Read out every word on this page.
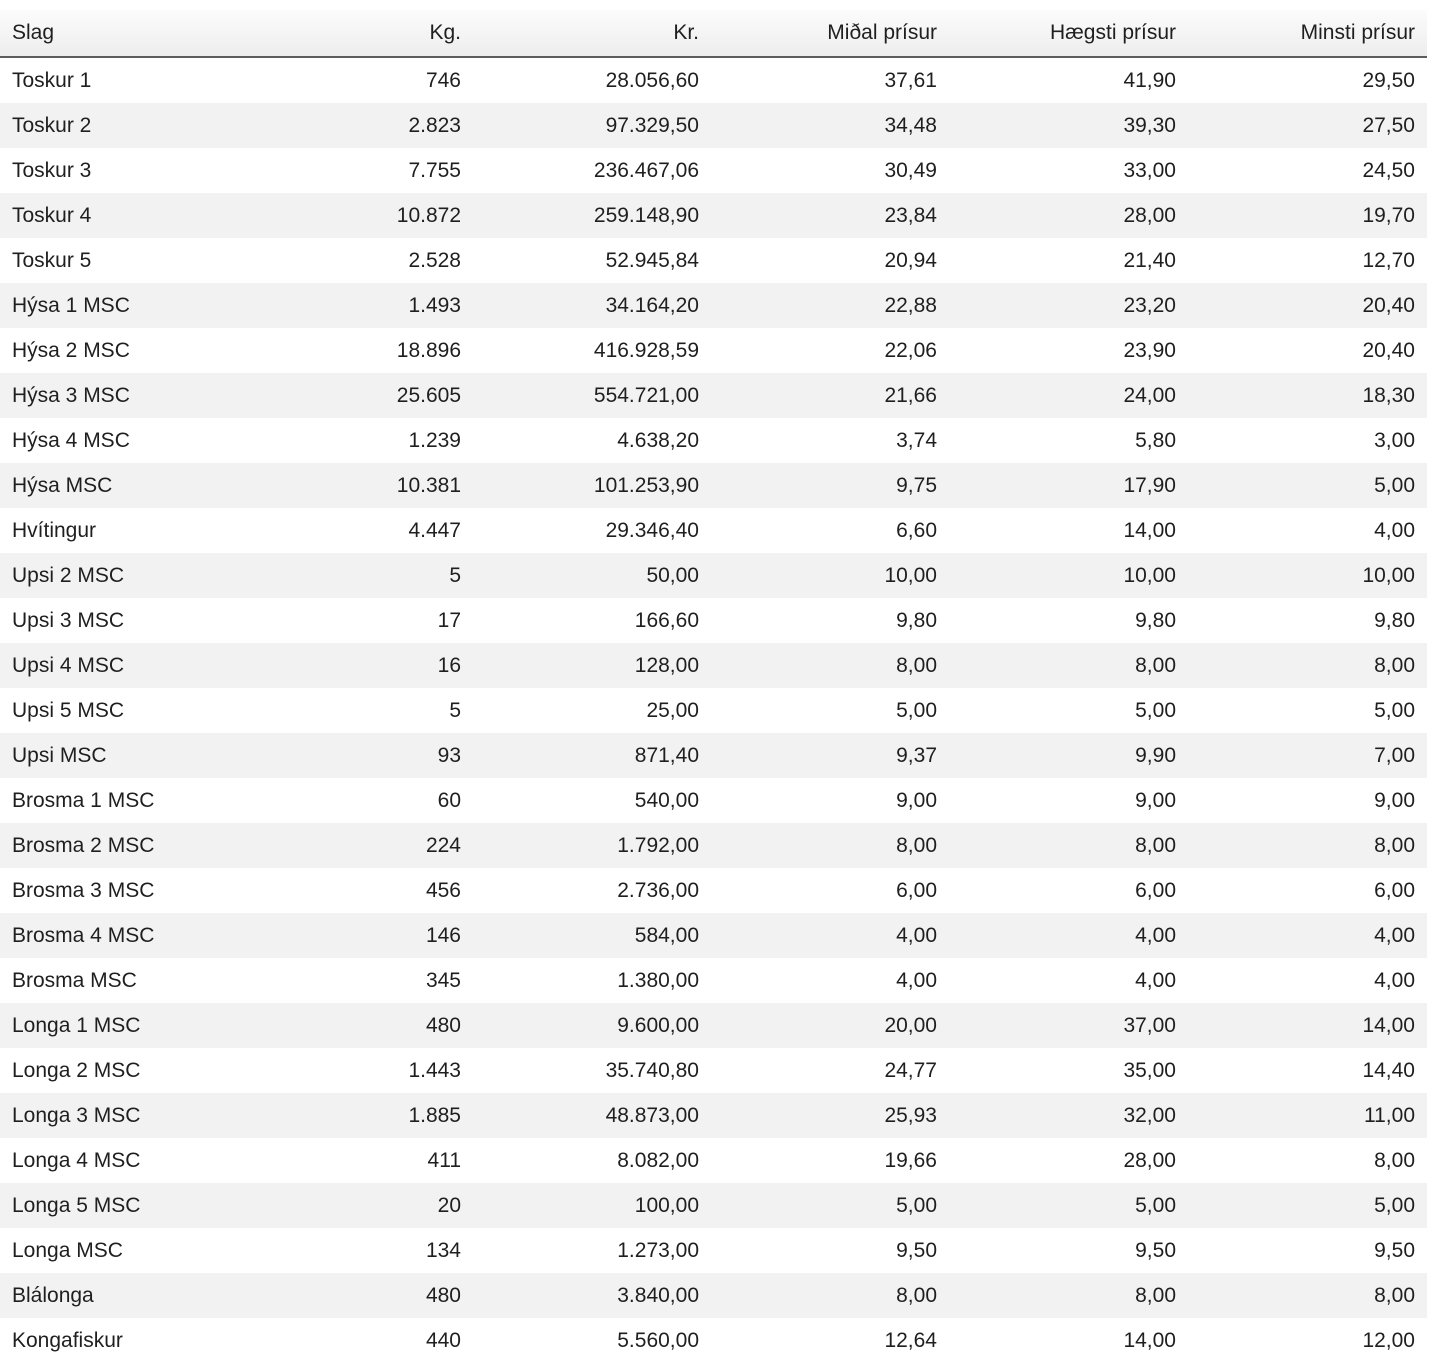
Slag	Kg.	Kr.	Miðal prísur	Hægsti prísur	Minsti prísur
Toskur 1	746	28.056,60	37,61	41,90	29,50
Toskur 2	2.823	97.329,50	34,48	39,30	27,50
Toskur 3	7.755	236.467,06	30,49	33,00	24,50
Toskur 4	10.872	259.148,90	23,84	28,00	19,70
Toskur 5	2.528	52.945,84	20,94	21,40	12,70
Hýsa 1 MSC	1.493	34.164,20	22,88	23,20	20,40
Hýsa 2 MSC	18.896	416.928,59	22,06	23,90	20,40
Hýsa 3 MSC	25.605	554.721,00	21,66	24,00	18,30
Hýsa 4 MSC	1.239	4.638,20	3,74	5,80	3,00
Hýsa MSC	10.381	101.253,90	9,75	17,90	5,00
Hvítingur	4.447	29.346,40	6,60	14,00	4,00
Upsi 2 MSC	5	50,00	10,00	10,00	10,00
Upsi 3 MSC	17	166,60	9,80	9,80	9,80
Upsi 4 MSC	16	128,00	8,00	8,00	8,00
Upsi 5 MSC	5	25,00	5,00	5,00	5,00
Upsi MSC	93	871,40	9,37	9,90	7,00
Brosma 1 MSC	60	540,00	9,00	9,00	9,00
Brosma 2 MSC	224	1.792,00	8,00	8,00	8,00
Brosma 3 MSC	456	2.736,00	6,00	6,00	6,00
Brosma 4 MSC	146	584,00	4,00	4,00	4,00
Brosma MSC	345	1.380,00	4,00	4,00	4,00
Longa 1 MSC	480	9.600,00	20,00	37,00	14,00
Longa 2 MSC	1.443	35.740,80	24,77	35,00	14,40
Longa 3 MSC	1.885	48.873,00	25,93	32,00	11,00
Longa 4 MSC	411	8.082,00	19,66	28,00	8,00
Longa 5 MSC	20	100,00	5,00	5,00	5,00
Longa MSC	134	1.273,00	9,50	9,50	9,50
Blálonga	480	3.840,00	8,00	8,00	8,00
Kongafiskur	440	5.560,00	12,64	14,00	12,00
